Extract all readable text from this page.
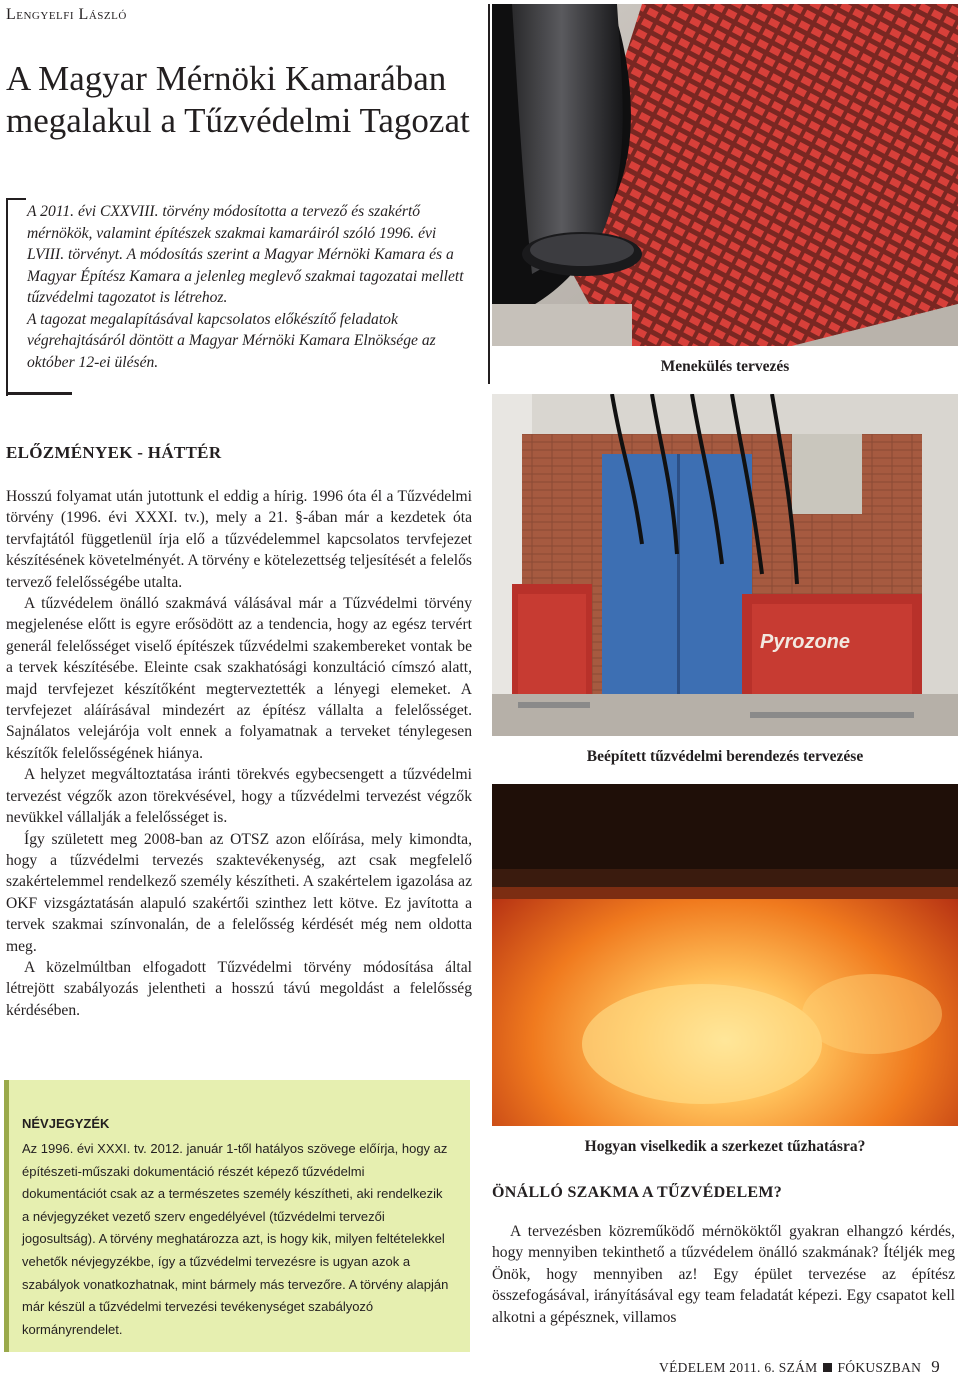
Lengyelfi László
A Magyar Mérnöki Kamarában megalakul a Tűzvédelmi Tagozat

A 2011. évi CXXVIII. törvény módosította a tervező és szakértő mérnökök, valamint építészek szakmai kamaráiról szóló 1996. évi LVIII. törvényt. A módosítás szerint a Magyar Mérnöki Kamara és a Magyar Építész Kamara a jelenleg meglevő szakmai tagozatai mellett tűzvédelmi tagozatot is létrehoz.

A tagozat megalapításával kapcsolatos előkészítő feladatok végrehajtásáról döntött a Magyar Mérnöki Kamara Elnöksége az október 12-ei ülésén.

ELŐZMÉNYEK - HÁTTÉR

Hosszú folyamat után jutottunk el eddig a hírig. 1996 óta él a Tűzvédelmi törvény (1996. évi XXXI. tv.), mely a 21. §-ában már a kezdetek óta tervfajtától függetlenül írja elő a tűzvédelemmel kapcsolatos tervfejezet készítésének követelményét. A törvény e kötelezettség teljesítését a felelős tervező felelősségébe utalta.

A tűzvédelem önálló szakmává válásával már a Tűzvédelmi törvény megjelenése előtt is egyre erősödött az a tendencia, hogy az egész tervért generál felelősséget viselő építészek tűzvédelmi szakembereket vontak be a tervek készítésébe. Eleinte csak szakhatósági konzultáció címszó alatt, majd tervfejezet készítőként megterveztették a lényegi elemeket. A tervfejezet aláírásával mindezért az építész vállalta a felelősséget. Sajnálatos velejárója volt ennek a folyamatnak a terveket ténylegesen készítők felelősségének hiánya.

A helyzet megváltoztatása iránti törekvés egybecsengett a tűzvédelmi tervezést végzők azon törekvésével, hogy a tűzvédelmi tervezést végzők nevükkel vállalják a felelősséget is.

Így született meg 2008-ban az OTSZ azon előírása, mely kimondta, hogy a tűzvédelmi tervezés szaktevékenység, azt csak megfelelő szakértelemmel rendelkező személy készítheti. A szakértelem igazolása az OKF vizsgáztatásán alapuló szakértői szinthez lett kötve. Ez javította a tervek szakmai színvonalán, de a felelősség kérdését még nem oldotta meg.

A közelmúltban elfogadott Tűzvédelmi törvény módosítása által létrejött szabályozás jelentheti a hosszú távú megoldást a felelősség kérdésében.

NÉVJEGYZÉK
Az 1996. évi XXXI. tv. 2012. január 1-től hatályos szövege előírja, hogy az építészeti-műszaki dokumentáció részét képező tűzvédelmi dokumentációt csak az a természetes személy készítheti, aki rendelkezik a névjegyzéket vezető szerv engedélyével (tűzvédelmi tervezői jogosultság). A törvény meghatározza azt, is hogy kik, milyen feltételekkel vehetők névjegyzékbe, így a tűzvédelmi tervezésre is ugyan azok a szabályok vonatkozhatnak, mint bármely más tervezőre. A törvény alapján már készül a tűzvédelmi tervezési tevékenységet szabályozó kormányrendelet.
Menekülés tervezés
Pyrozone
Beépített tűzvédelmi berendezés tervezése
Hogyan viselkedik a szerkezet tűzhatásra?
ÖNÁLLÓ SZAKMA A TŰZVÉDELEM?

A tervezésben közreműködő mérnököktől gyakran elhangzó kérdés, hogy mennyiben tekinthető a tűzvédelem önálló szakmának? Ítéljék meg Önök, hogy mennyiben az! Egy épület tervezése az építész összefogásával, irányításával egy team feladatát képezi. Egy csapatot kell alkotni a gépésznek, villamos

VÉDELEM 2011. 6. SZÁM FÓKUSZBAN 9
